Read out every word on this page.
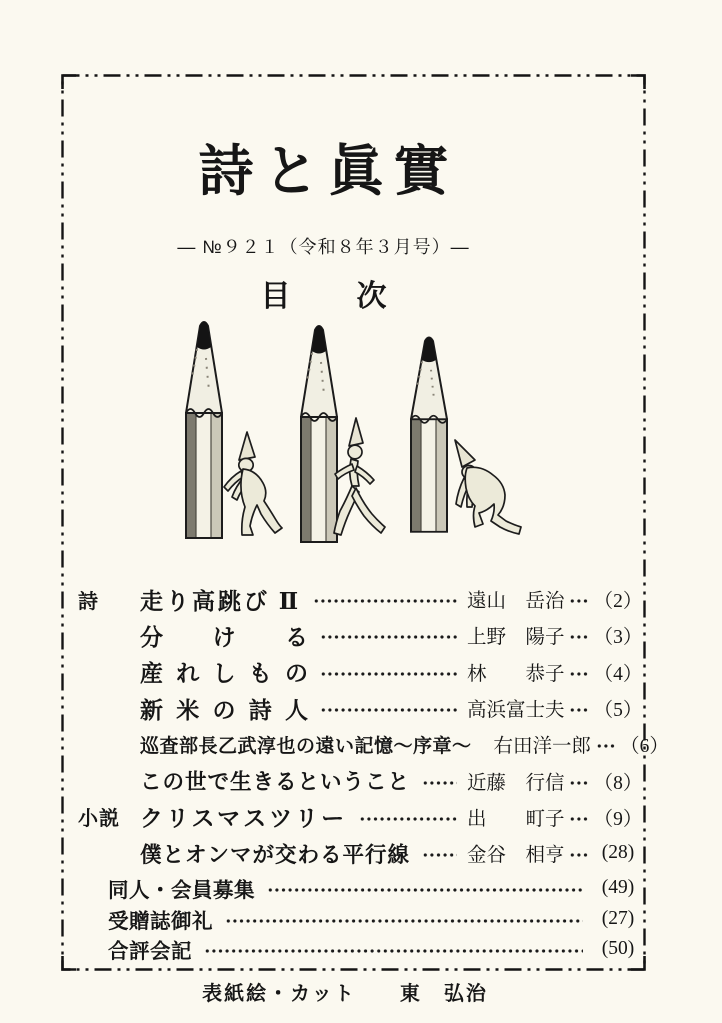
詩と眞實
— №９２１（令和８年３月号）—
目 次
詩	走り高跳び Ⅱ	遠山　岳治 （2）
分 け る	上野　陽子 （3）
産 れ し も の	林　　恭子 （4）
新 米 の 詩 人	高浜富士夫 （5）
巡査部長乙武淳也の遠い記憶～序章～ 右田洋一郎 （6）
この世で生きるということ	近藤　行信 （8）
小説 クリスマスツリー	出　　町子 （9）
僕とオンマが交わる平行線	金谷　相亨	(28)
同人・会員募集	(49)
受贈誌御礼	(27)
合評会記	(50)
表紙絵・カット　　東　弘治
